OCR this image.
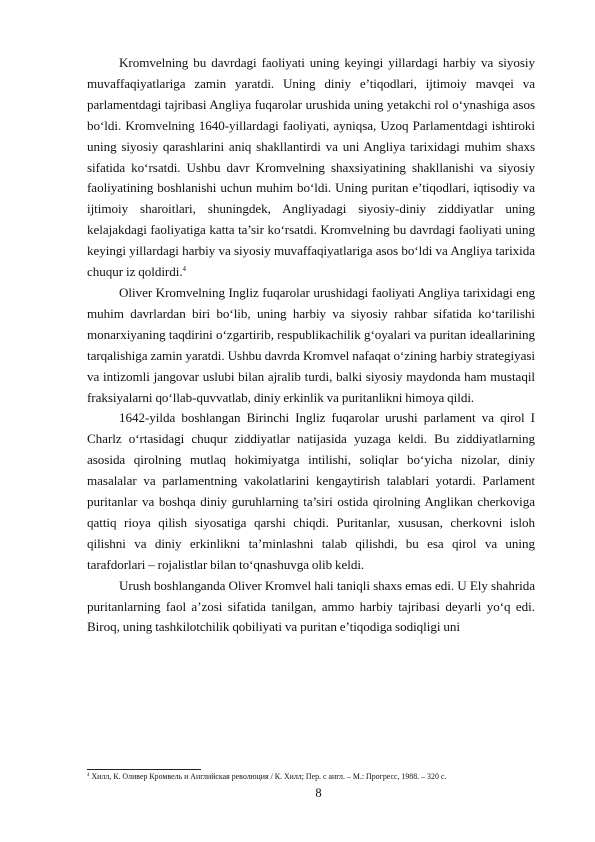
Kromvelning bu davrdagi faoliyati uning keyingi yillardagi harbiy va siyosiy muvaffaqiyatlariga zamin yaratdi. Uning diniy e’tiqodlari, ijtimoiy mavqei va parlamentdagi tajribasi Angliya fuqarolar urushida uning yetakchi rol o‘ynashiga asos bo‘ldi. Kromvelning 1640-yillardagi faoliyati, ayniqsa, Uzoq Parlamentdagi ishtiroki uning siyosiy qarashlarini aniq shakllantirdi va uni Angliya tarixidagi muhim shaxs sifatida ko‘rsatdi. Ushbu davr Kromvelning shaxsiyatining shakllanishi va siyosiy faoliyatining boshlanishi uchun muhim bo‘ldi. Uning puritan e’tiqodlari, iqtisodiy va ijtimoiy sharoitlari, shuningdek, Angliyadagi siyosiy-diniy ziddiyatlar uning kelajakdagi faoliyatiga katta ta’sir ko‘rsatdi. Kromvelning bu davrdagi faoliyati uning keyingi yillardagi harbiy va siyosiy muvaffaqiyatlariga asos bo‘ldi va Angliya tarixida chuqur iz qoldirdi.$^4$

Oliver Kromvelning Ingliz fuqarolar urushidagi faoliyati Angliya tarixidagi eng muhim davrlardan biri bo‘lib, uning harbiy va siyosiy rahbar sifatida ko‘tarilishi monarxiyaning taqdirini o‘zgartirib, respublikachilik g‘oyalari va puritan ideallarining tarqalishiga zamin yaratdi. Ushbu davrda Kromvel nafaqat o‘zining harbiy strategiyasi va intizomli jangovar uslubi bilan ajralib turdi, balki siyosiy maydonda ham mustaqil fraksiyalarni qo‘llab-quvvatlab, diniy erkinlik va puritanlikni himoya qildi.

1642-yilda boshlangan Birinchi Ingliz fuqarolar urushi parlament va qirol I Charlz o‘rtasidagi chuqur ziddiyatlar natijasida yuzaga keldi. Bu ziddiyatlarning asosida qirolning mutlaq hokimiyatga intilishi, soliqlar bo‘yicha nizolar, diniy masalalar va parlamentning vakolatlarini kengaytirish talablari yotardi. Parlament puritanlar va boshqa diniy guruhlarning ta’siri ostida qirolning Anglikan cherkoviga qattiq rioya qilish siyosatiga qarshi chiqdi. Puritanlar, xususan, cherkovni isloh qilishni va diniy erkinlikni ta’minlashni talab qilishdi, bu esa qirol va uning tarafdorlari – rojalistlar bilan to‘qnashuvga olib keldi.

Urush boshlanganda Oliver Kromvel hali taniqli shaxs emas edi. U Ely shahrida puritanlarning faol a’zosi sifatida tanilgan, ammo harbiy tajribasi deyarli yo‘q edi. Biroq, uning tashkilotchilik qobiliyati va puritan e’tiqodiga sodiqligi uni

$^4$ Хилл, К. Оливер Кромвель и Английская революция / К. Хилл; Пер. с англ. – М.: Прогресс, 1988. – 320 с.
8
